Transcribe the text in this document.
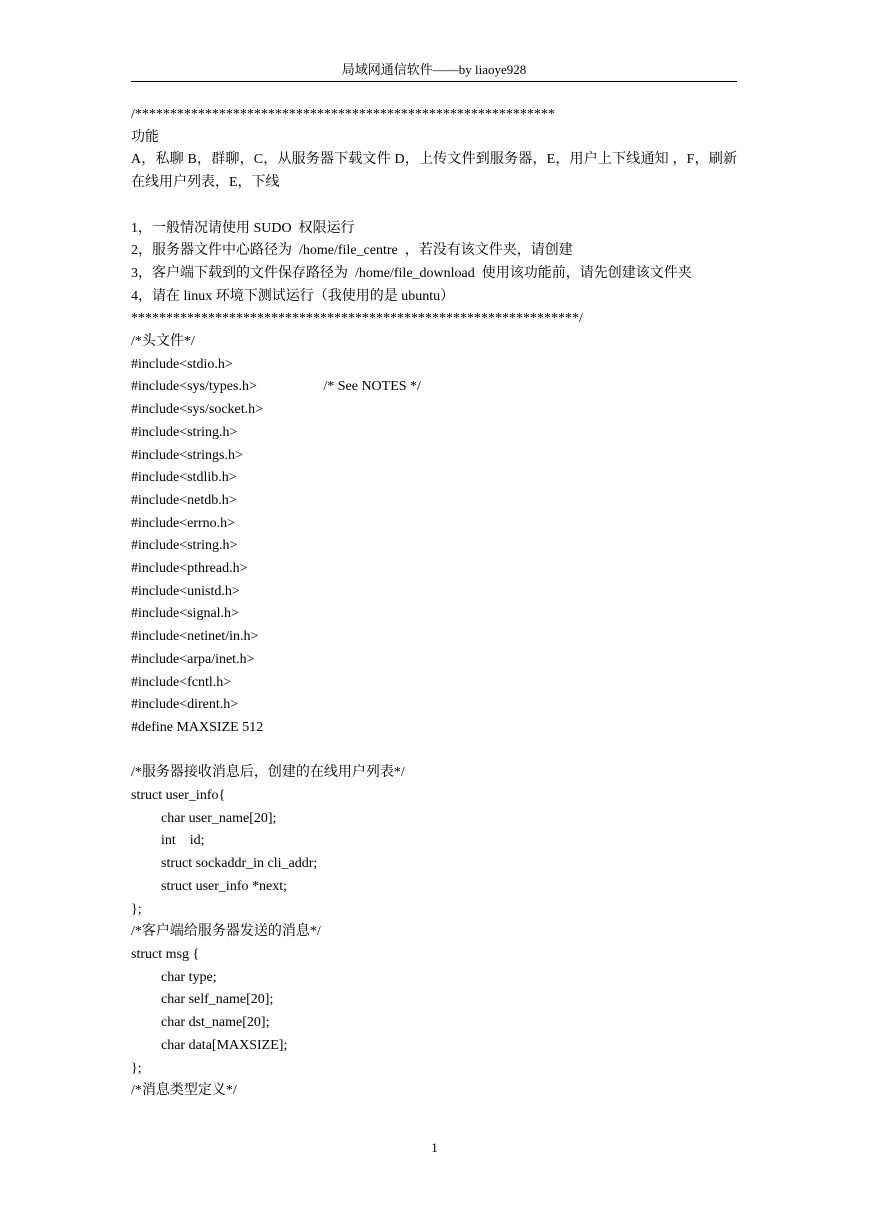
局域网通信软件——by liaoye928
/************************************************************
功能
A，私聊 B，群聊，C，从服务器下载文件 D，上传文件到服务器，E，用户上下线通知 ，F，刷新在线用户列表，E，下线
1，一般情况请使用 SUDO  权限运行
2，服务器文件中心路径为  /home/file_centre  ，若没有该文件夹，请创建
3，客户端下载到的文件保存路径为  /home/file_download  使用该功能前，请先创建该文件夹
4，请在 linux 环境下测试运行（我使用的是 ubuntu）
****************************************************************/
/*头文件*/
#include<stdio.h>
#include<sys/types.h>                   /* See NOTES */
#include<sys/socket.h>
#include<string.h>
#include<strings.h>
#include<stdlib.h>
#include<netdb.h>
#include<errno.h>
#include<string.h>
#include<pthread.h>
#include<unistd.h>
#include<signal.h>
#include<netinet/in.h>
#include<arpa/inet.h>
#include<fcntl.h>
#include<dirent.h>
#define MAXSIZE 512
/*服务器接收消息后，创建的在线用户列表*/
struct user_info{
char user_name[20];
int    id;
struct sockaddr_in cli_addr;
struct user_info *next;
};
/*客户端给服务器发送的消息*/
struct msg {
char type;
char self_name[20];
char dst_name[20];
char data[MAXSIZE];
};
/*消息类型定义*/
1
